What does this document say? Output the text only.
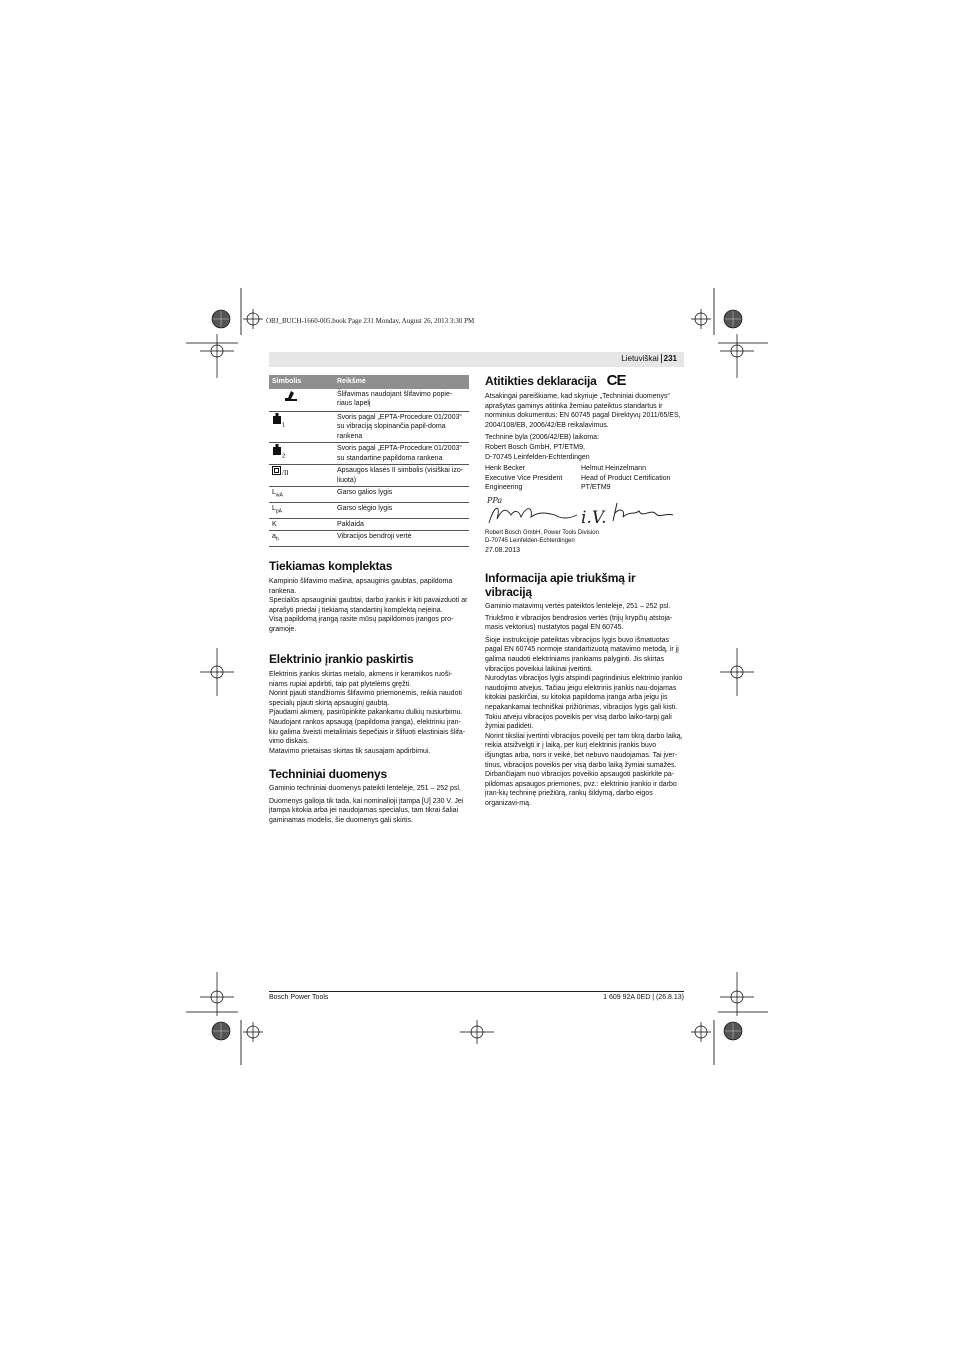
OBJ_BUCH-1660-005.book Page 231 Monday, August 26, 2013 3:30 PM
Lietuviškai 231
Simbolis	Reikšmė
	Šlifavimas naudojant šlifavimo popie-riaus lapelį
$_1$	Svoris pagal „EPTA-Procedure 01/2003“ su vibraciją slopinančia papil-doma rankena
$_2$	Svoris pagal „EPTA-Procedure 01/2003“ su standartine papildoma rankena
/II	Apsaugos klasės II simbolis (visiškai izo-liuota)
$L_{wA}$	Garso galios lygis
$L_{pA}$	Garso slėgio lygis
K	Paklaida
$a_h$	Vibracijos bendroji vertė
Tiekiamas komplektas

Kampinio šlifavimo mašina, apsauginis gaubtas, papildoma rankena.

Specialūs apsauginiai gaubtai, darbo įrankis ir kiti pavaizduoti ar aprašyti priedai į tiekiamą standartinį komplektą neįeina.

Visą papildomą įrangą rasite mūsų papildomos įrangos pro-gramoje.

Elektrinio įrankio paskirtis

Elektrinis įrankis skirtas metalo, akmens ir keramikos ruoši-niams rupiai apdirbti, taip pat plytelėms gręžti.

Norint pjauti standžiomis šlifavimo priemonėmis, reikia naudoti specialų pjauti skirtą apsauginį gaubtą.

Pjaudami akmenį, pasirūpinkite pakankamu dulkių nusiurbimu.

Naudojant rankos apsaugą (papildoma įranga), elektriniu įran-kiu galima šveisti metaliniais šepečiais ir šlifuoti elastiniais šlifa-vimo diskais.

Matavimo prietaisas skirtas tik sausajam apdirbimui.

Techniniai duomenys

Gaminio techniniai duomenys pateikti lentelėje, 251 – 252 psl.

Duomenys galioja tik tada, kai nominalioji įtampa [U] 230 V. Jei įtampa kitokia arba jei naudojamas specialus, tam tikrai šaliai gaminamas modelis, šie duomenys gali skirtis.

Atitikties deklaracija CE

Atsakingai pareiškiame, kad skyriuje „Techniniai duomenys“ aprašytas gaminys atitinka žemiau pateiktus standartus ir norminius dokumentus: EN 60745 pagal Direktyvų 2011/65/ES, 2004/108/EB, 2006/42/EB reikalavimus.

Techninė byla (2006/42/EB) laikoma:

Robert Bosch GmbH, PT/ETM9,

D-70745 Leinfelden-Echterdingen

Henk Becker	Helmut Heinzelmann
Executive Vice President	Head of Product Certification
Engineering	PT/ETM9
PPa
i.V.

Robert Bosch GmbH, Power Tools Division

D-70745 Leinfelden-Echterdingen

27.08.2013

Informacija apie triukšmą ir vibraciją

Gaminio matavimų vertės pateiktos lentelėje, 251 – 252 psl.

Triukšmo ir vibracijos bendrosios vertės (trijų krypčių atstoja-masis vektorius) nustatytos pagal EN 60745.

Šioje instrukcijoje pateiktas vibracijos lygis buvo išmatuotas pagal EN 60745 normoje standartizuotą matavimo metodą, ir jį galima naudoti elektriniams įrankiams palyginti. Jis skirtas vibracijos poveikiui laikinai įvertinti.

Nurodytas vibracijos lygis atspindi pagrindinius elektrinio įrankio naudojimo atvejus. Tačiau jeigu elektrinis įrankis nau-dojamas kitokiai paskirčiai, su kitokia papildoma įranga arba jeigu jis nepakankamai techniškai prižiūrimas, vibracijos lygis gali kisti. Tokiu atveju vibracijos poveikis per visą darbo laiko-tarpį gali žymiai padidėti.

Norint tiksliai įvertinti vibracijos poveikį per tam tikrą darbo laiką, reikia atsižvelgti ir į laiką, per kurį elektrinis įrankis buvo išjungtas arba, nors ir veikė, bet nebuvo naudojamas. Tai įver-tinus, vibracijos poveikis per visą darbo laiką žymiai sumažės.

Dirbančiajam nuo vibracijos poveikio apsaugoti paskirkite pa-pildomas apsaugos priemones, pvz.: elektrinio įrankio ir darbo įran-kių techninę priežiūrą, rankų šildymą, darbo eigos organizavi-mą.

Bosch Power Tools	1 609 92A 0ED | (26.8.13)
